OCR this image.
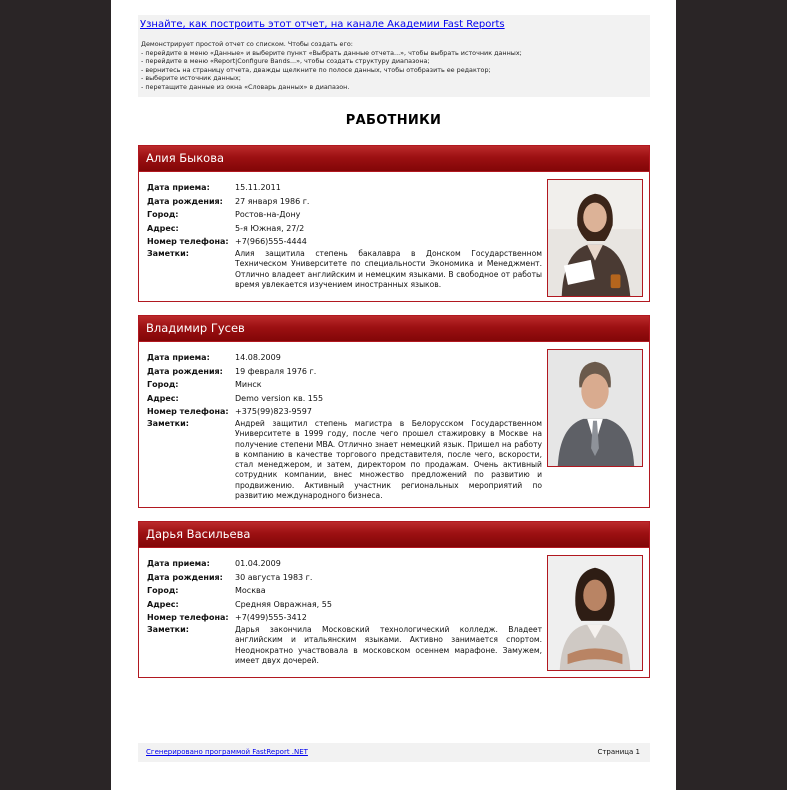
Узнайте, как построить этот отчет, на канале Академии Fast Reports
Демонстрирует простой отчет со списком. Чтобы создать его:
- перейдите в меню «Данные» и выберите пункт «Выбрать данные отчета...», чтобы выбрать источник данных;
- перейдите в меню «Report|Configure Bands...», чтобы создать структуру диапазона;
- вернитесь на страницу отчета, дважды щелкните по полосе данных, чтобы отобразить ее редактор;
- выберите источник данных;
- перетащите данные из окна «Словарь данных» в диапазон.
РАБОТНИКИ
Алия Быкова
Дата приема:	15.11.2011
Дата рождения:	27 января 1986 г.
Город:	Ростов-на-Дону
Адрес:	5-я Южная, 27/2
Номер телефона: +7(966)555-4444
Заметки:	Алия защитила степень бакалавра в Донском Государственном Техническом Университете по специальности Экономика и Менеджмент. Отлично владеет английским и немецким языками. В свободное от работы время увлекается изучением иностранных языков.
Владимир Гусев
Дата приема:	14.08.2009
Дата рождения:	19 февраля 1976 г.
Город:	Минск
Адрес:	Demo version кв. 155
Номер телефона: +375(99)823-9597
Заметки:	Андрей защитил степень магистра в Белорусском Государственном Университете в 1999 году, после чего прошел стажировку в Москве на получение степени MBA. Отлично знает немецкий язык. Пришел на работу в компанию в качестве торгового представителя, после чего, вскорости, стал менеджером, и затем, директором по продажам. Очень активный сотрудник компании, внес множество предложений по развитию и продвижению. Активный участник региональных мероприятий по развитию международного бизнеса.
Дарья Васильева
Дата приема:	01.04.2009
Дата рождения:	30 августа 1983 г.
Город:	Москва
Адрес:	Средняя Овражная, 55
Номер телефона: +7(499)555-3412
Заметки:	Дарья закончила Московский технологический колледж. Владеет английским и итальянским языками. Активно занимается спортом. Неоднократно участвовала в московском осеннем марафоне. Замужем, имеет двух дочерей.
Сгенерировано программой FastReport .NET	Страница 1
